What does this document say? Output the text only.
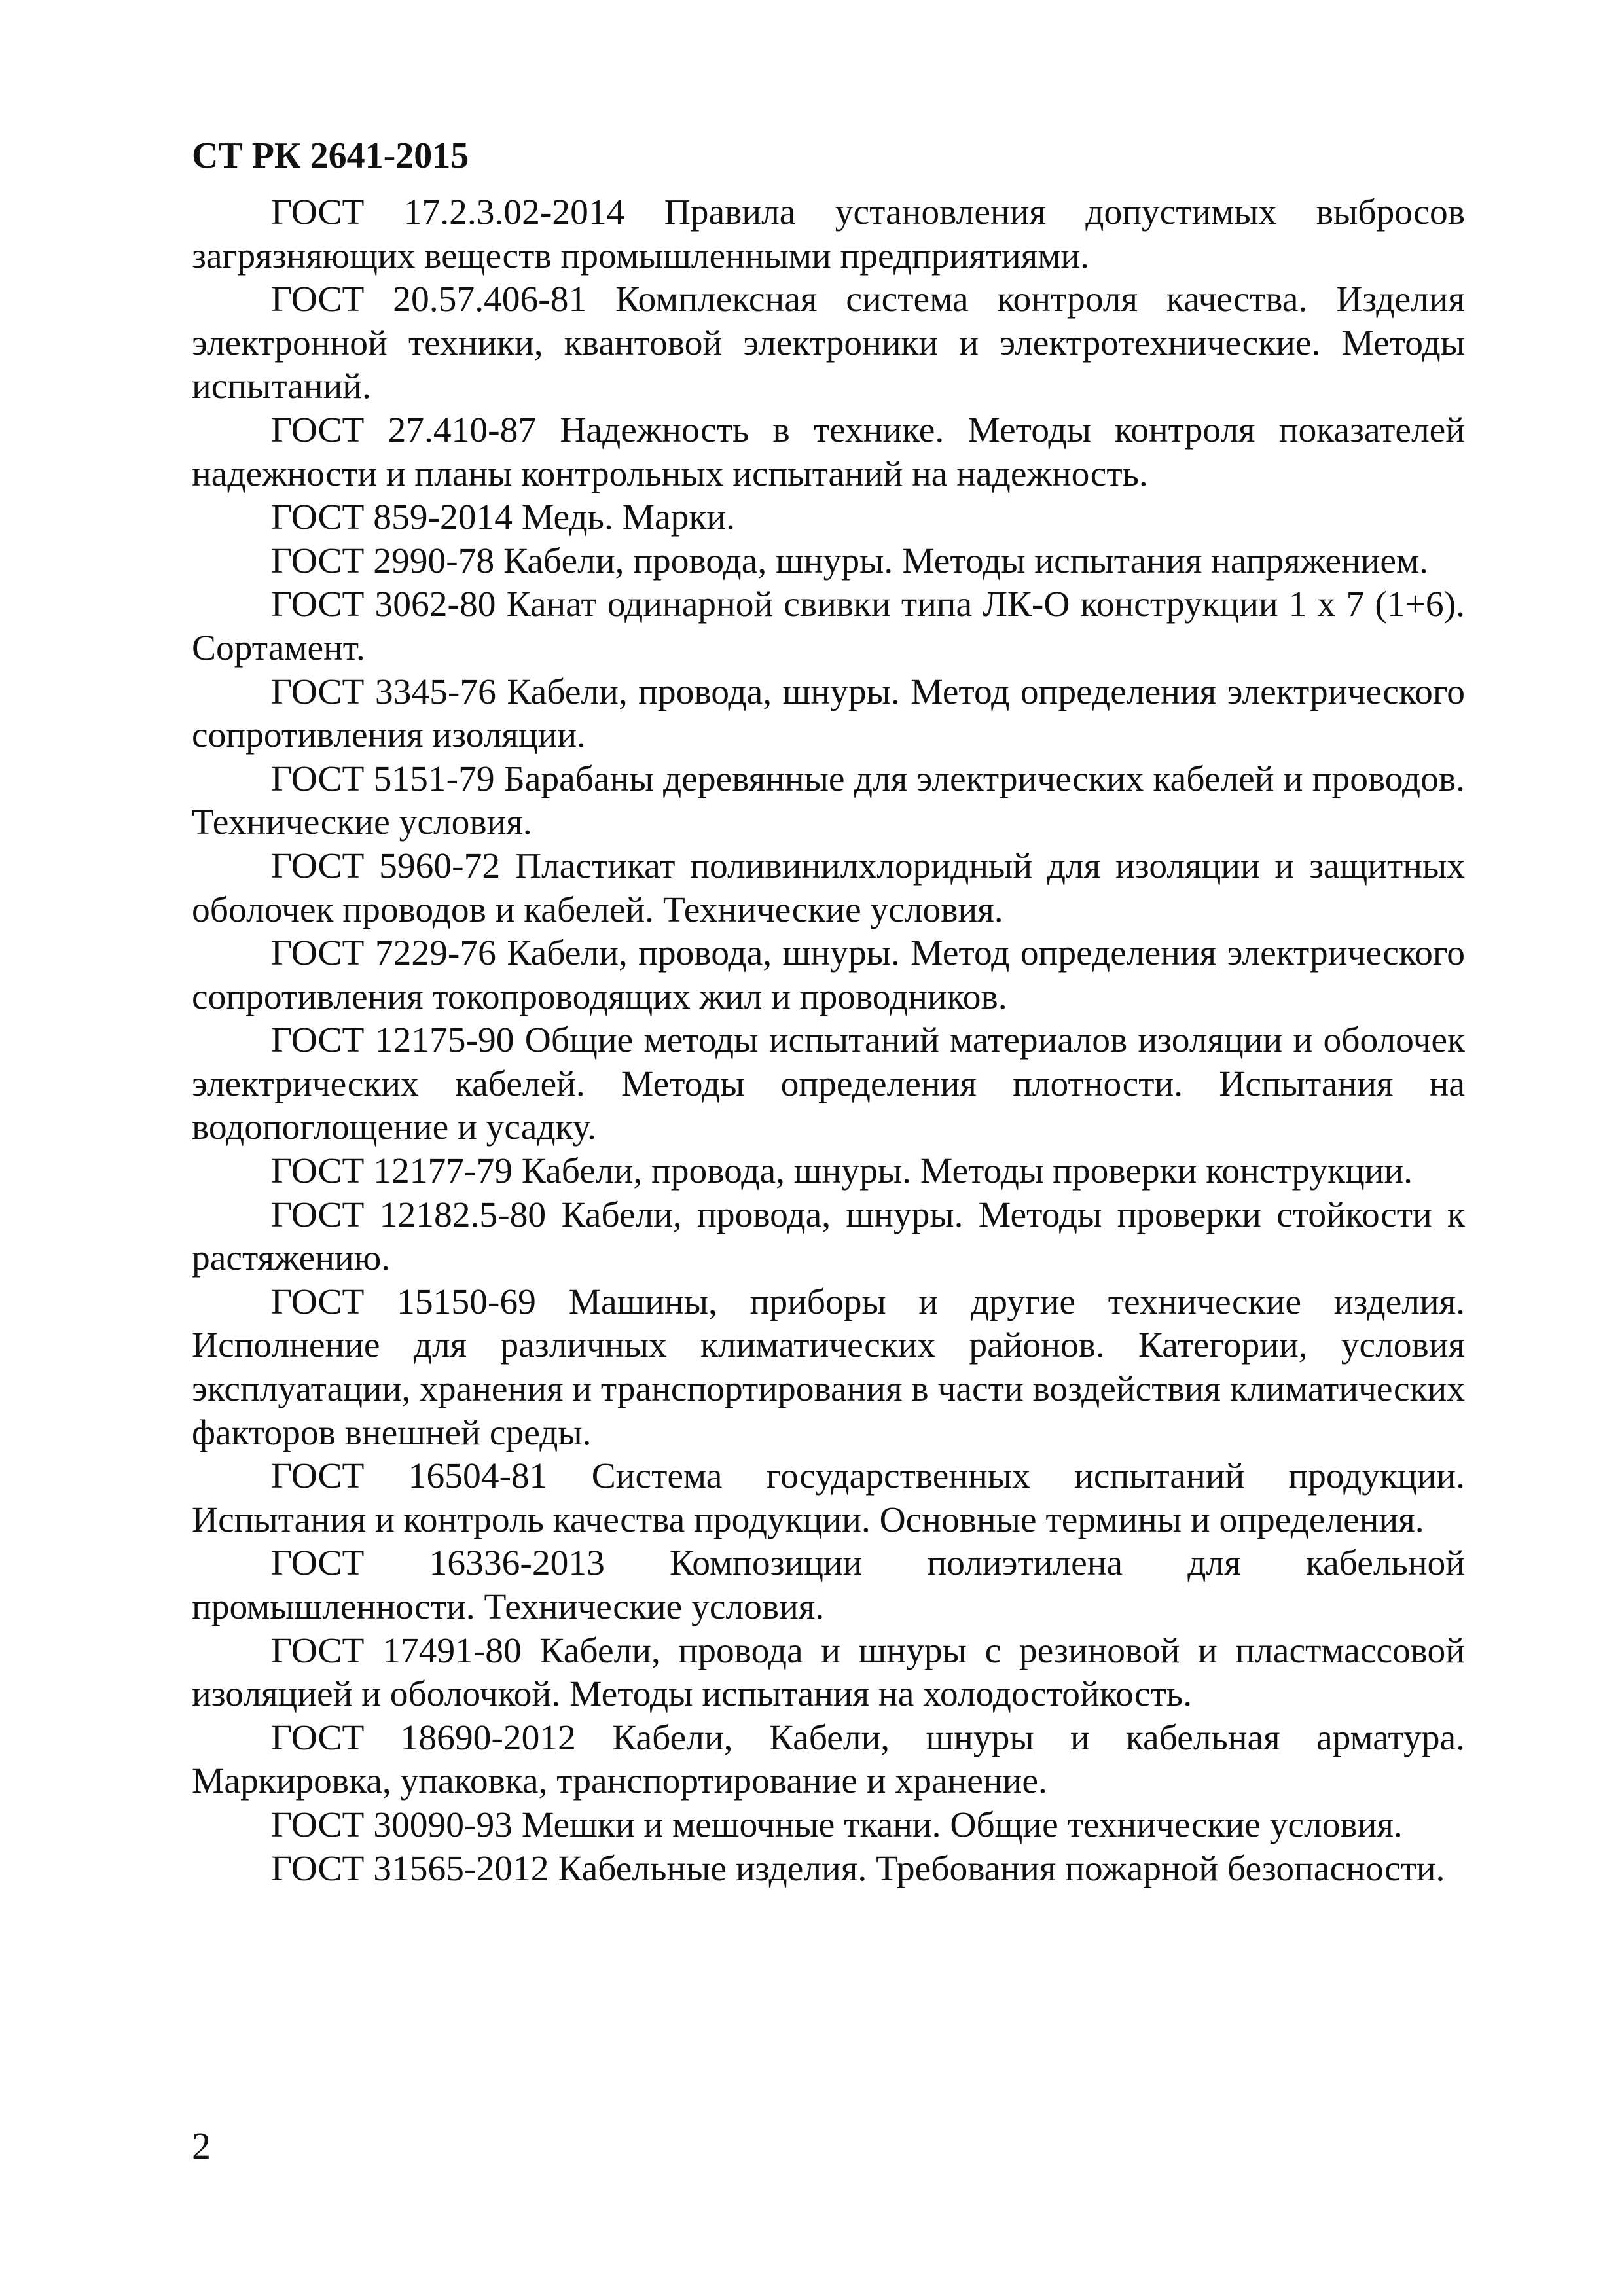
СТ РК 2641-2015
ГОСТ 17.2.3.02-2014 Правила установления допустимых выбросов загрязняющих веществ промышленными предприятиями.
ГОСТ 20.57.406-81 Комплексная система контроля качества. Изделия электронной техники, квантовой электроники и электротехнические. Методы испытаний.
ГОСТ 27.410-87 Надежность в технике. Методы контроля показателей надежности и планы контрольных испытаний на надежность.
ГОСТ 859-2014 Медь. Марки.
ГОСТ 2990-78 Кабели, провода, шнуры. Методы испытания напряжением.
ГОСТ 3062-80 Канат одинарной свивки типа ЛК-О конструкции 1 х 7 (1+6). Сортамент.
ГОСТ 3345-76 Кабели, провода, шнуры. Метод определения электрического сопротивления изоляции.
ГОСТ 5151-79 Барабаны деревянные для электрических кабелей и проводов. Технические условия.
ГОСТ 5960-72 Пластикат поливинилхлоридный для изоляции и защитных оболочек проводов и кабелей. Технические условия.
ГОСТ 7229-76 Кабели, провода, шнуры. Метод определения электрического сопротивления токопроводящих жил и проводников.
ГОСТ 12175-90 Общие методы испытаний материалов изоляции и оболочек электрических кабелей. Методы определения плотности. Испытания на водопоглощение и усадку.
ГОСТ 12177-79 Кабели, провода, шнуры. Методы проверки конструкции.
ГОСТ 12182.5-80 Кабели, провода, шнуры. Методы проверки стойкости к растяжению.
ГОСТ 15150-69 Машины, приборы и другие технические изделия. Исполнение для различных климатических районов. Категории, условия эксплуатации, хранения и транспортирования в части воздействия климатических факторов внешней среды.
ГОСТ 16504-81 Система государственных испытаний продукции. Испытания и контроль качества продукции. Основные термины и определения.
ГОСТ 16336-2013 Композиции полиэтилена для кабельной промышленности. Технические условия.
ГОСТ 17491-80 Кабели, провода и шнуры с резиновой и пластмассовой изоляцией и оболочкой. Методы испытания на холодостойкость.
ГОСТ 18690-2012 Кабели, Кабели, шнуры и кабельная арматура. Маркировка, упаковка, транспортирование и хранение.
ГОСТ 30090-93 Мешки и мешочные ткани. Общие технические условия.
ГОСТ 31565-2012 Кабельные изделия. Требования пожарной безопасности.

2
